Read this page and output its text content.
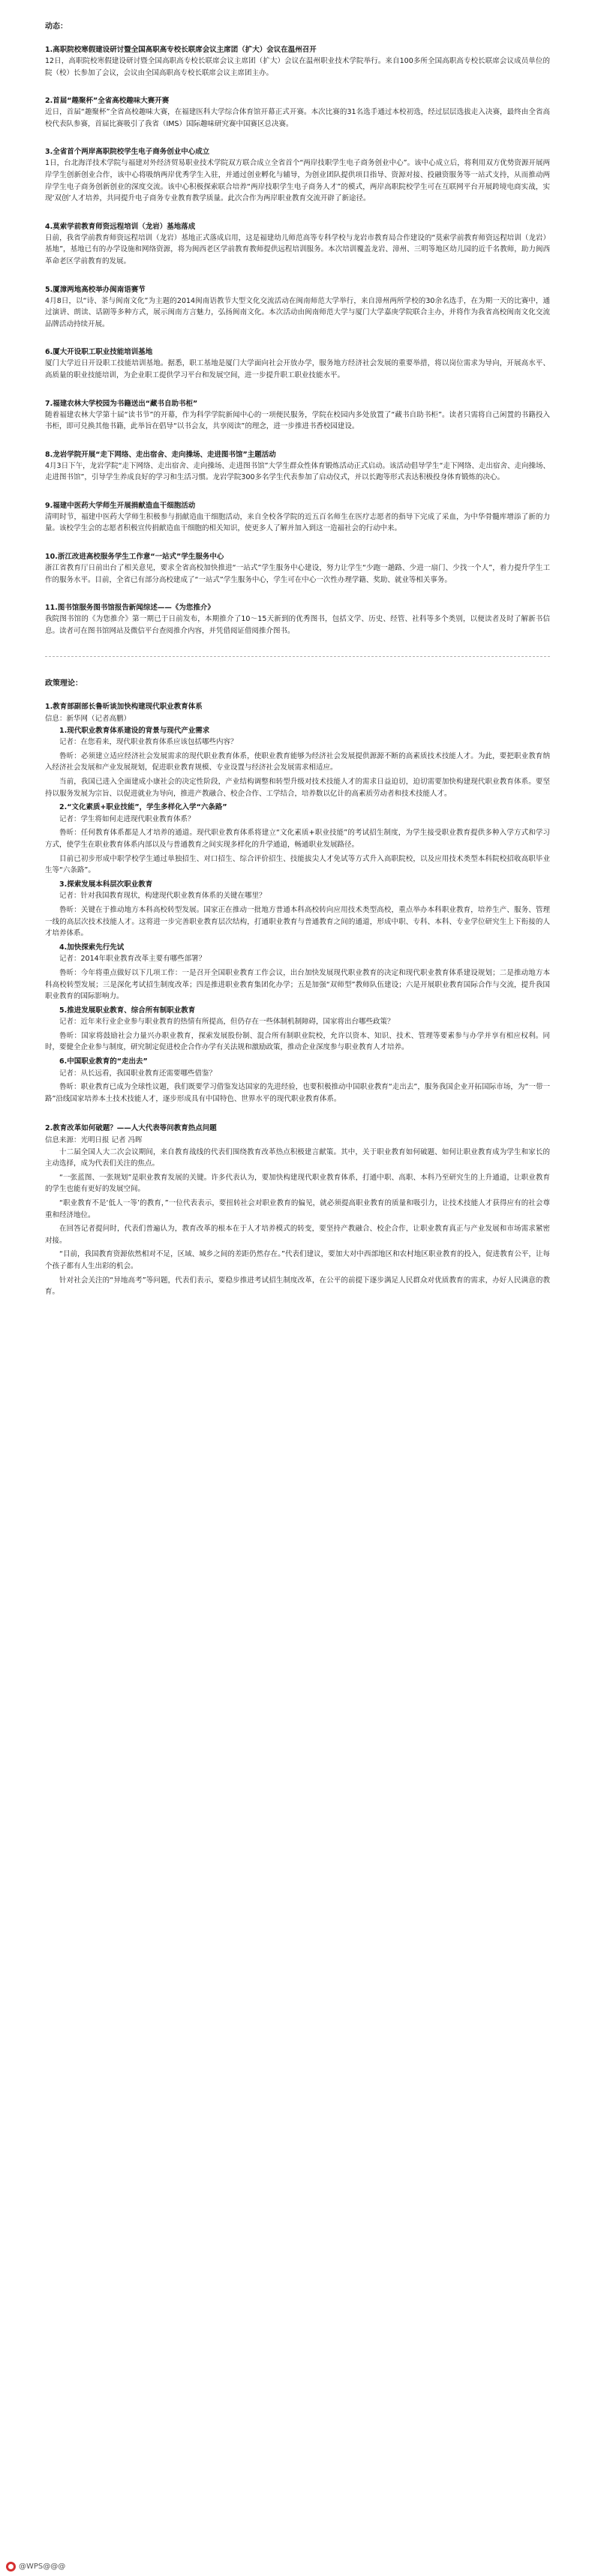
动态：

1.高职院校寒假建设研讨暨全国高职高专校长联席会议主席团（扩大）会议在温州召开

12日，高职院校寒假建设研讨暨全国高职高专校长联席会议主席团（扩大）会议在温州职业技术学院举行。来自100多所全国高职高专校长联席会议成员单位的院（校）长参加了会议，会议由全国高职高专校长联席会议主席团主办。

2.首届“趣聚杯”全省高校趣味大赛开赛

近日，首届“趣聚杯”全省高校趣味大赛，在福建医科大学综合体育馆开幕正式开赛。本次比赛的31名选手通过本校初选，经过层层选拔走入决赛，最终由全省高校代表队参赛，首届比赛吸引了我省（IMS）国际趣味研究赛中国赛区总决赛。

3.全省首个两岸高职院校学生电子商务创业中心成立

1日，台北海洋技术学院与福建对外经济贸易职业技术学院双方联合成立全省首个“两岸技职学生电子商务创业中心”。该中心成立后，将利用双方优势资源开展两岸学生创新创业合作，该中心将吸纳两岸优秀学生入驻，并通过创业孵化与辅导，为创业团队提供项目指导、资源对接、投融资服务等一站式支持，从而推动两岸学生电子商务创新创业的深度交流。该中心积极探索联合培养“两岸技职学生电子商务人才”的模式，两岸高职院校学生可在互联网平台开展跨境电商实战，实现‘双创’人才培养，共同提升电子商务专业教育教学质量。此次合作为两岸职业教育交流开辟了新途径。

4.莫索学前教育师资远程培训（龙岩）基地落成

日前，我省学前教育师资远程培训（龙岩）基地正式落成启用，这是福建幼儿师范高等专科学校与龙岩市教育局合作建设的“莫索学前教育师资远程培训（龙岩）基地”，基地已有的办学设施和网络资源，将为闽西老区学前教育教师提供远程培训服务。本次培训覆盖龙岩、漳州、三明等地区幼儿园的近千名教师，助力闽西革命老区学前教育的发展。

5.厦漳两地高校举办闽南语赛节

4月8日，以“诗、茶与闽南文化”为主题的2014闽南语教节大型文化交流活动在闽南师范大学举行，来自漳州两所学校的30余名选手，在为期一天的比赛中，通过演讲、朗读、话剧等多种方式，展示闽南方言魅力，弘扬闽南文化。本次活动由闽南师范大学与厦门大学嘉庚学院联合主办，并将作为我省高校闽南文化交流品牌活动持续开展。

6.厦大开设职工职业技能培训基地

厦门大学近日开设职工技能培训基地。据悉，职工基地是厦门大学面向社会开放办学，服务地方经济社会发展的重要举措，将以岗位需求为导向，开展高水平、高质量的职业技能培训，为企业职工提供学习平台和发展空间，进一步提升职工职业技能水平。

7.福建农林大学校园为书籍送出“藏书自助书柜”

随着福建农林大学第十届“读书节”的开幕，作为科学学院新闻中心的一项便民服务，学院在校园内多处放置了“藏书自助书柜”。读者只需将自己闲置的书籍投入书柜，即可兑换其他书籍，此举旨在倡导“以书会友，共享阅读”的理念，进一步推进书香校园建设。

8.龙岩学院开展“走下网络、走出宿舍、走向操场、走进图书馆”主题活动

4月3日下午，龙岩学院“走下网络、走出宿舍、走向操场、走进图书馆”大学生群众性体育锻炼活动正式启动。该活动倡导学生“走下网络、走出宿舍、走向操场、走进图书馆”，引导学生养成良好的学习和生活习惯。龙岩学院300多名学生代表参加了启动仪式，并以长跑等形式表达积极投身体育锻炼的决心。

9.福建中医药大学师生开展捐献造血干细胞活动

清明时节，福建中医药大学师生积极参与捐献造血干细胞活动，来自全校各学院的近五百名师生在医疗志愿者的指导下完成了采血，为中华骨髓库增添了新的力量。该校学生会的志愿者积极宣传捐献造血干细胞的相关知识，使更多人了解并加入到这一造福社会的行动中来。

10.浙江改进高校服务学生工作意“一站式”学生服务中心

浙江省教育厅日前出台了相关意见，要求全省高校加快推进“一站式”学生服务中心建设，努力让学生“少跑一趟路、少进一扇门、少找一个人”，着力提升学生工作的服务水平。目前，全省已有部分高校建成了“一站式”学生服务中心，学生可在中心一次性办理学籍、奖助、就业等相关事务。

11.图书馆服务图书馆报告新闻综述——《为您推介》

我院图书馆的《为您推介》第一期已于日前发布，本期推介了10～15天新到的优秀图书，包括文学、历史、经管、社科等多个类别，以便读者及时了解新书信息。读者可在图书馆网站及微信平台查阅推介内容，并凭借阅证借阅推介图书。

政策理论：

1.教育部副部长鲁昕谈加快构建现代职业教育体系

信息：新华网（记者高鹏）

1.现代职业教育体系建设的背景与现代产业需求

记者：在您看来，现代职业教育体系应该包括哪些内容？

鲁昕：必须建立适应经济社会发展需求的现代职业教育体系，使职业教育能够为经济社会发展提供源源不断的高素质技术技能人才。为此，要把职业教育纳入经济社会发展和产业发展规划，促进职业教育规模、专业设置与经济社会发展需求相适应。

当前，我国已进入全面建成小康社会的决定性阶段，产业结构调整和转型升级对技术技能人才的需求日益迫切，迫切需要加快构建现代职业教育体系。要坚持以服务发展为宗旨、以促进就业为导向，推进产教融合、校企合作、工学结合，培养数以亿计的高素质劳动者和技术技能人才。

2.“文化素质+职业技能”，学生多样化入学“六条路”

记者：学生将如何走进现代职业教育体系？

鲁昕：任何教育体系都是人才培养的通道。现代职业教育体系将建立“文化素质+职业技能”的考试招生制度，为学生接受职业教育提供多种入学方式和学习方式，使学生在职业教育体系内部以及与普通教育之间实现多样化的升学通道，畅通职业发展路径。

目前已初步形成中职学校学生通过单独招生、对口招生、综合评价招生、技能拔尖人才免试等方式升入高职院校，以及应用技术类型本科院校招收高职毕业生等“六条路”。

3.探索发展本科层次职业教育

记者：针对我国教育现状，构建现代职业教育体系的关键在哪里？

鲁昕：关键在于推动地方本科高校转型发展。国家正在推动一批地方普通本科高校转向应用技术类型高校，重点举办本科职业教育，培养生产、服务、管理一线的高层次技术技能人才。这将进一步完善职业教育层次结构，打通职业教育与普通教育之间的通道，形成中职、专科、本科、专业学位研究生上下衔接的人才培养体系。

4.加快探索先行先试

记者：2014年职业教育改革主要有哪些部署？

鲁昕：今年将重点做好以下几项工作：一是召开全国职业教育工作会议，出台加快发展现代职业教育的决定和现代职业教育体系建设规划；二是推动地方本科高校转型发展；三是深化考试招生制度改革；四是推进职业教育集团化办学；五是加强“双师型”教师队伍建设；六是开展职业教育国际合作与交流，提升我国职业教育的国际影响力。

5.推进发展职业教育、综合所有制职业教育

记者：近年来行业企业参与职业教育的热情有所提高，但仍存在一些体制机制障碍，国家将出台哪些政策？

鲁昕：国家将鼓励社会力量兴办职业教育，探索发展股份制、混合所有制职业院校，允许以资本、知识、技术、管理等要素参与办学并享有相应权利。同时，要健全企业参与制度，研究制定促进校企合作办学有关法规和激励政策，推动企业深度参与职业教育人才培养。

6.中国职业教育的“走出去”

记者：从长远看，我国职业教育还需要哪些借鉴？

鲁昕：职业教育已成为全球性议题，我们既要学习借鉴发达国家的先进经验，也要积极推动中国职业教育“走出去”，服务我国企业开拓国际市场，为“一带一路”沿线国家培养本土技术技能人才，逐步形成具有中国特色、世界水平的现代职业教育体系。

2.教育改革如何破题？——人大代表等问教育热点问题

信息来源：光明日报 记者 冯晖

十二届全国人大二次会议期间，来自教育战线的代表们围绕教育改革热点积极建言献策。其中，关于职业教育如何破题、如何让职业教育成为学生和家长的主动选择，成为代表们关注的焦点。

“一张蓝图、一张规划”是职业教育发展的关键。许多代表认为，要加快构建现代职业教育体系，打通中职、高职、本科乃至研究生的上升通道，让职业教育的学生也能有更好的发展空间。

“职业教育不是‘低人一等’的教育，”一位代表表示，要扭转社会对职业教育的偏见，就必须提高职业教育的质量和吸引力，让技术技能人才获得应有的社会尊重和经济地位。

在回答记者提问时，代表们普遍认为，教育改革的根本在于人才培养模式的转变，要坚持产教融合、校企合作，让职业教育真正与产业发展和市场需求紧密对接。

“目前，我国教育资源依然相对不足，区域、城乡之间的差距仍然存在。”代表们建议，要加大对中西部地区和农村地区职业教育的投入，促进教育公平，让每个孩子都有人生出彩的机会。

针对社会关注的“异地高考”等问题，代表们表示，要稳步推进考试招生制度改革，在公平的前提下逐步满足人民群众对优质教育的需求，办好人民满意的教育。

@WPS@@@
